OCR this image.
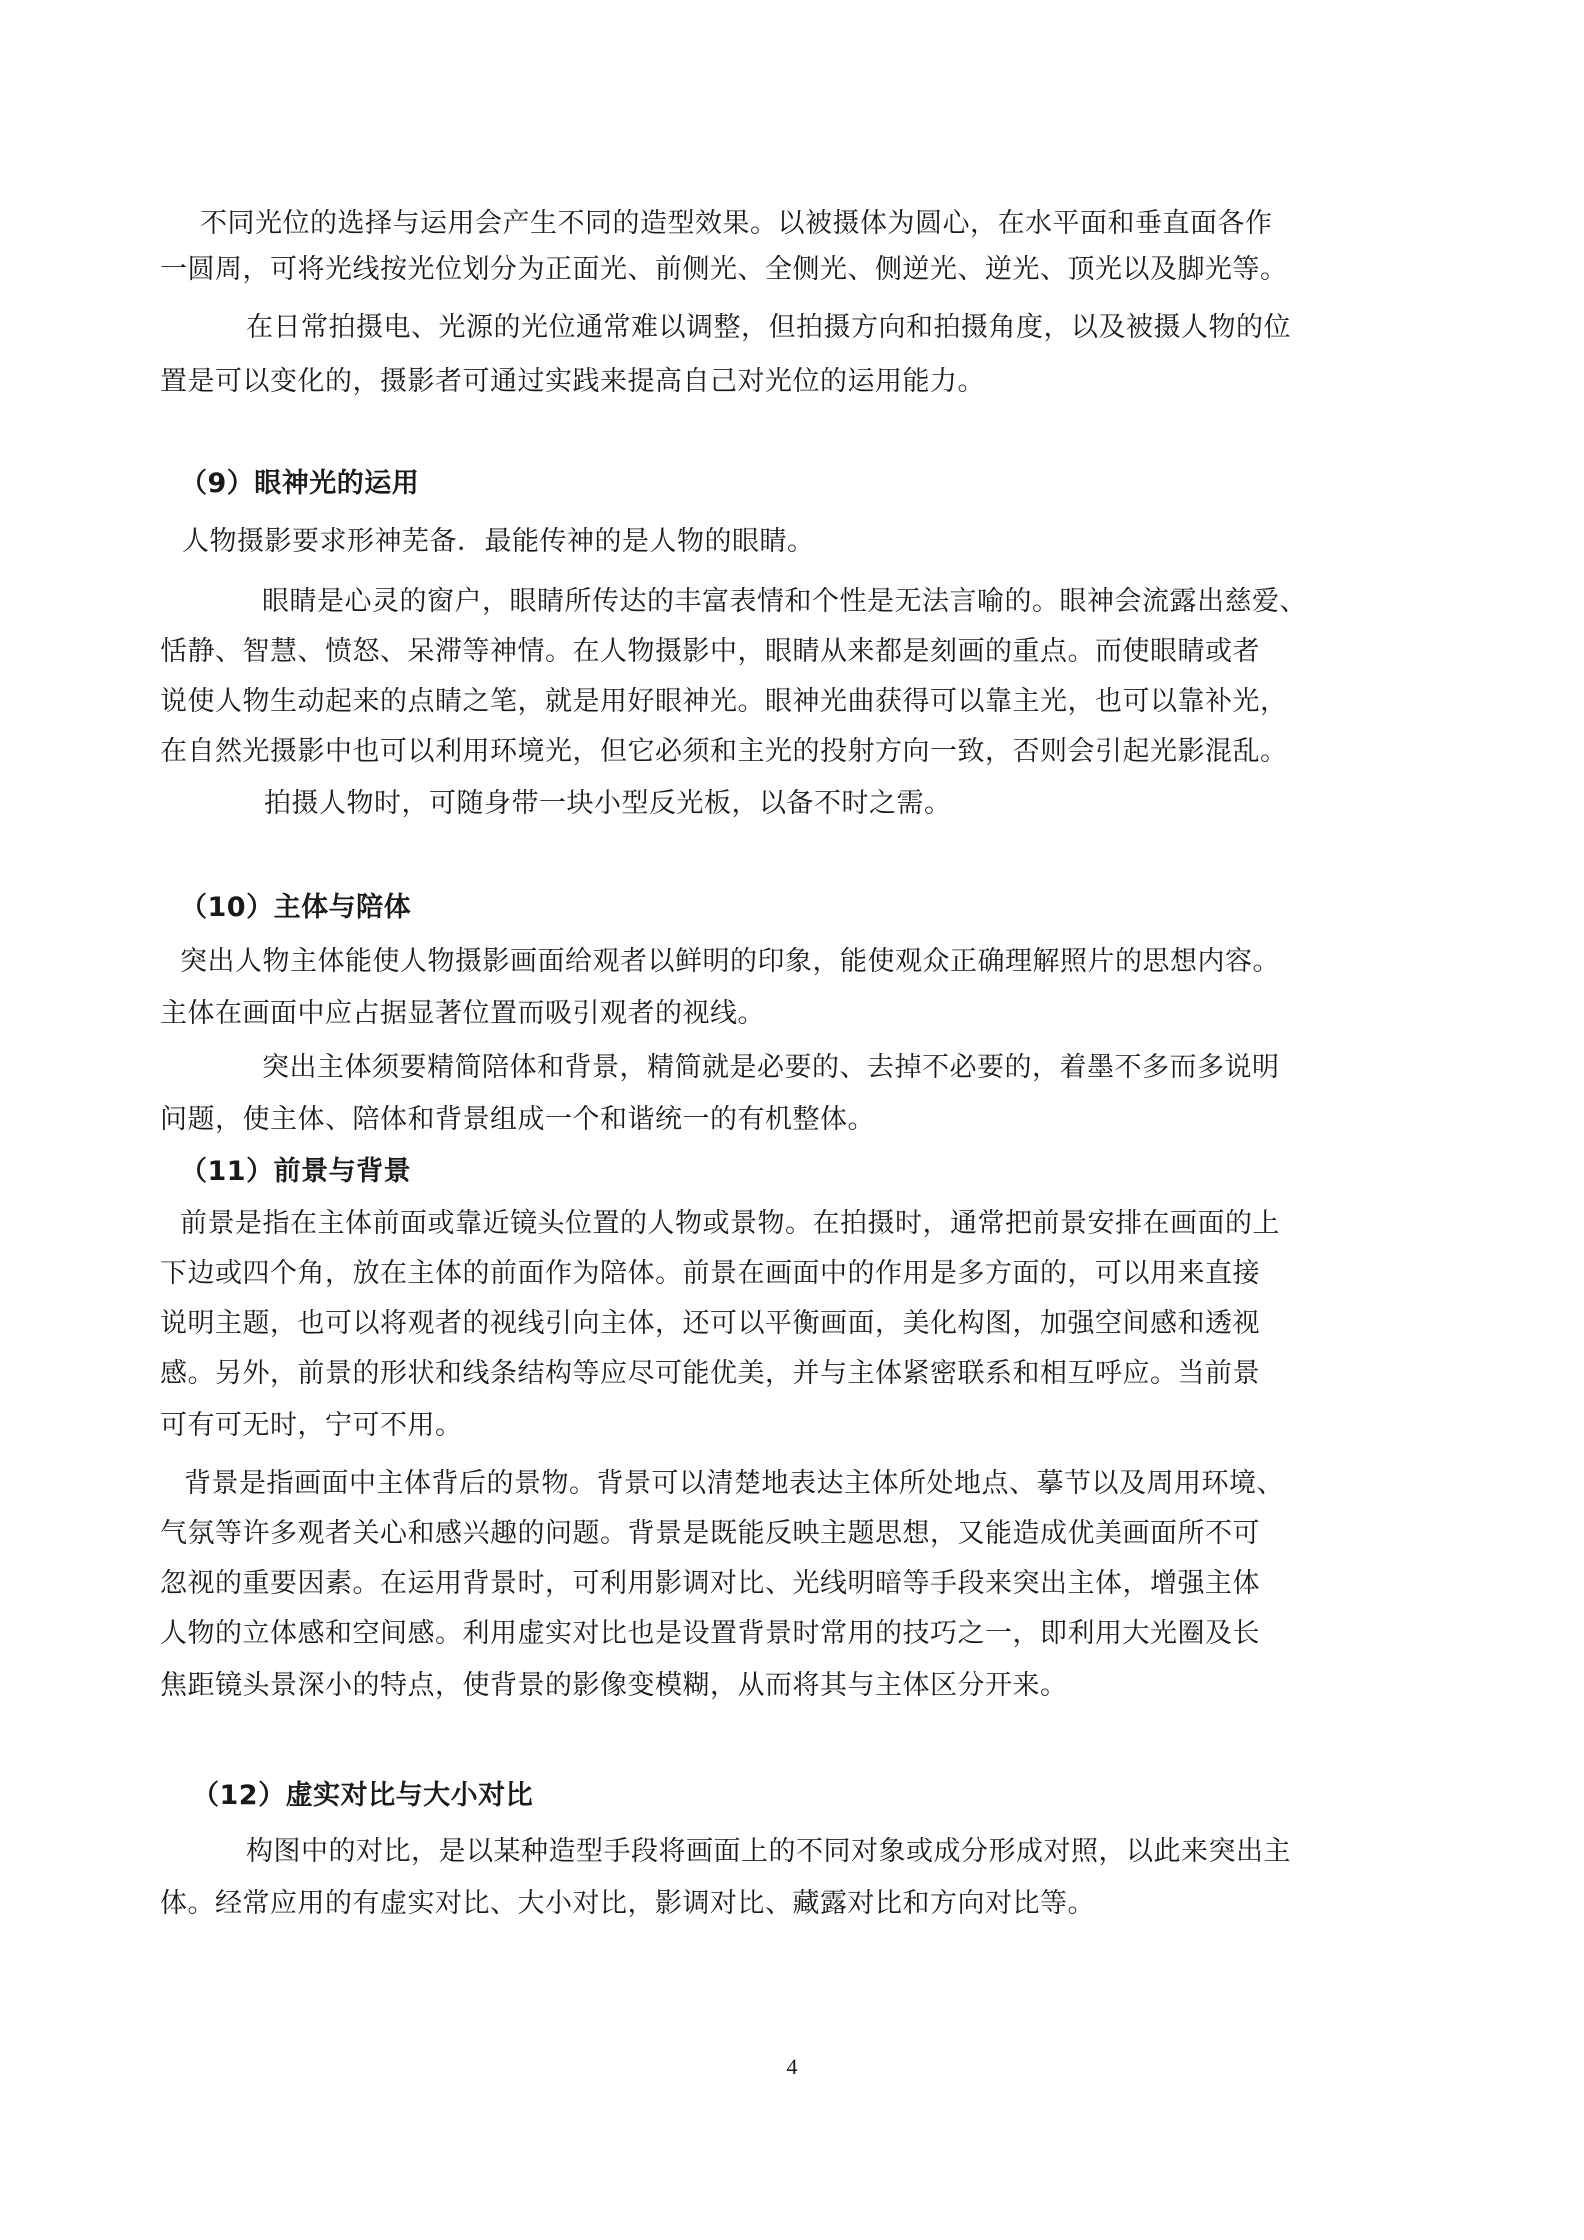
不同光位的选择与运用会产生不同的造型效果。以被摄体为圆心，在水平面和垂直面各作
一圆周，可将光线按光位划分为正面光、前侧光、全侧光、侧逆光、逆光、顶光以及脚光等。
在日常拍摄电、光源的光位通常难以调整，但拍摄方向和拍摄角度，以及被摄人物的位
置是可以变化的，摄影者可通过实践来提高自己对光位的运用能力。
（9）眼神光的运用
人物摄影要求形神芜备．最能传神的是人物的眼睛。
眼睛是心灵的窗户，眼睛所传达的丰富表情和个性是无法言喻的。眼神会流露出慈爱、
恬静、智慧、愤怒、呆滞等神情。在人物摄影中，眼睛从来都是刻画的重点。而使眼睛或者
说使人物生动起来的点睛之笔，就是用好眼神光。眼神光曲获得可以靠主光，也可以靠补光，
在自然光摄影中也可以利用环境光，但它必须和主光的投射方向一致，否则会引起光影混乱。
拍摄人物时，可随身带一块小型反光板，以备不时之需。
（10）主体与陪体
突出人物主体能使人物摄影画面给观者以鲜明的印象，能使观众正确理解照片的思想内容。
主体在画面中应占据显著位置而吸引观者的视线。
突出主体须要精简陪体和背景，精简就是必要的、去掉不必要的，着墨不多而多说明
问题，使主体、陪体和背景组成一个和谐统一的有机整体。
（11）前景与背景
前景是指在主体前面或靠近镜头位置的人物或景物。在拍摄时，通常把前景安排在画面的上
下边或四个角，放在主体的前面作为陪体。前景在画面中的作用是多方面的，可以用来直接
说明主题，也可以将观者的视线引向主体，还可以平衡画面，美化构图，加强空间感和透视
感。另外，前景的形状和线条结构等应尽可能优美，并与主体紧密联系和相互呼应。当前景
可有可无时，宁可不用。
背景是指画面中主体背后的景物。背景可以清楚地表达主体所处地点、摹节以及周用环境、
气氛等许多观者关心和感兴趣的问题。背景是既能反映主题思想，又能造成优美画面所不可
忽视的重要因素。在运用背景时，可利用影调对比、光线明暗等手段来突出主体，增强主体
人物的立体感和空间感。利用虚实对比也是设置背景时常用的技巧之一，即利用大光圈及长
焦距镜头景深小的特点，使背景的影像变模糊，从而将其与主体区分开来。
（12）虚实对比与大小对比
构图中的对比，是以某种造型手段将画面上的不同对象或成分形成对照，以此来突出主
体。经常应用的有虚实对比、大小对比，影调对比、藏露对比和方向对比等。
4
